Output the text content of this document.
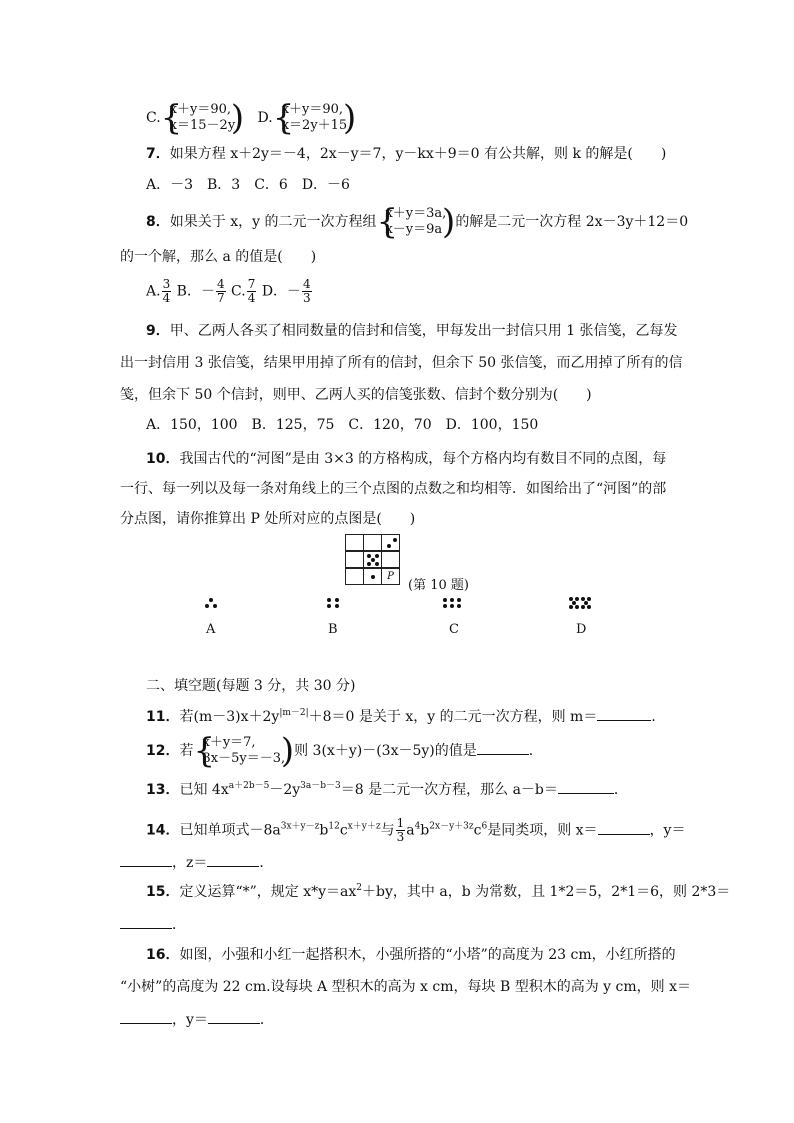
C. {
x＋y＝90,
x＝15－2y
) D. {
x＋y＝90,
x＝2y＋15
)
7．如果方程 x＋2y＝－4，2x－y＝7，y－kx＋9＝0 有公共解，则 k 的解是(　　)
A．－3　B．3　C．6　D．－6
8．如果关于 x，y 的二元一次方程组 {
x＋y＝3a,
x－y＝9a ) 的解是二元一次方程 2x－3y＋12＝0
的一个解，那么 a 的值是(　　)
A. $\frac{3}{4}$ B．－ $\frac{4}{7} C$. $\frac{7}{4}$ D．－ $\frac{4}{3}$
9．甲、乙两人各买了相同数量的信封和信笺，甲每发出一封信只用 1 张信笺，乙每发
出一封信用 3 张信笺，结果甲用掉了所有的信封，但余下 50 张信笺，而乙用掉了所有的信
笺，但余下 50 个信封，则甲、乙两人买的信笺张数、信封个数分别为(　　)
A．150，100　B．125，75　C．120，70　D．100，150
10．我国古代的“河图”是由 3×3 的方格构成，每个方格内均有数目不同的点图，每
一行、每一列以及每一条对角线上的三个点图的点数之和均相等．如图给出了“河图”的部
分点图，请你推算出 P 处所对应的点图是(　　)
P
(第 10 题)
A	B	C	D
二、填空题(每题 3 分，共 30 分)
11．若$(m-3)x+2y^{|m-2|}+8=0$ 是关于 x，y 的二元一次方程，则 m＝	．
12．若 {
x＋y＝7,
3x－5y＝－3,
) 则 3(x＋y)－(3x－5y)的值是	．
13．已知 $4x^{a+2b-5}-2y^{3a-b-3}=8$ 是二元一次方程，那么 a－b＝	．
14．已知单项式$-8a^{3x+y-z}b^{12}c^{x+y+z}$与 $\frac{1}{3} a^4b^{2x-y+3z}c^6$是同类项，则 x＝	，y＝
，z＝	．
15．定义运算“*”，规定 $x*y=ax^2+by$，其中 a，b 为常数，且 1*2＝5，2*1＝6，则 2*3＝
．
16．如图，小强和小红一起搭积木，小强所搭的“小塔”的高度为 23 cm，小红所搭的
“小树”的高度为 22 cm.设每块 A 型积木的高为 x cm，每块 B 型积木的高为 y cm，则 x＝
，y＝	．
